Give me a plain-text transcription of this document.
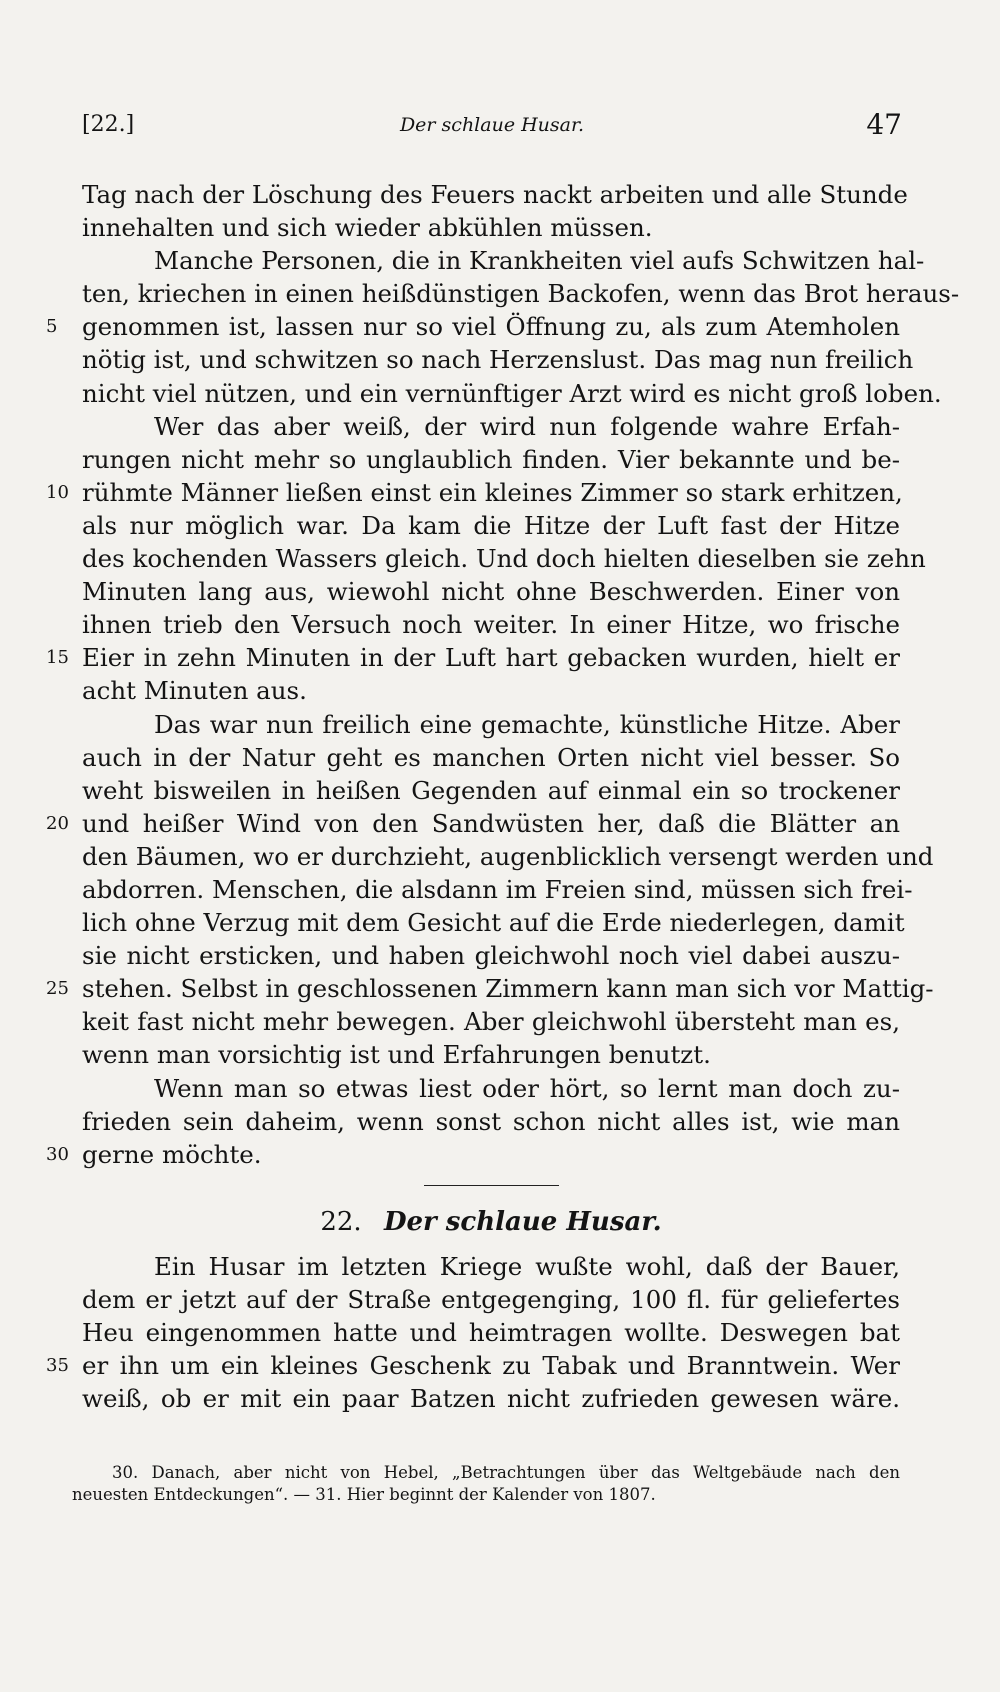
[22.]	Der schlaue Husar.	47
Tag nach der Löschung des Feuers nackt arbeiten und alle Stunde
innehalten und sich wieder abkühlen müssen.
Manche Personen, die in Krankheiten viel aufs Schwitzen hal-
ten, kriechen in einen heißdünstigen Backofen, wenn das Brot heraus-
5	genommen ist, lassen nur so viel Öffnung zu, als zum Atemholen
nötig ist, und schwitzen so nach Herzenslust. Das mag nun freilich
nicht viel nützen, und ein vernünftiger Arzt wird es nicht groß loben.
Wer das aber weiß, der wird nun folgende wahre Erfah-
rungen nicht mehr so unglaublich finden. Vier bekannte und be-
10 rühmte Männer ließen einst ein kleines Zimmer so stark erhitzen,
als nur möglich war. Da kam die Hitze der Luft fast der Hitze
des kochenden Wassers gleich. Und doch hielten dieselben sie zehn
Minuten lang aus, wiewohl nicht ohne Beschwerden. Einer von
ihnen trieb den Versuch noch weiter. In einer Hitze, wo frische
15 Eier in zehn Minuten in der Luft hart gebacken wurden, hielt er
acht Minuten aus.
Das war nun freilich eine gemachte, künstliche Hitze. Aber
auch in der Natur geht es manchen Orten nicht viel besser. So
weht bisweilen in heißen Gegenden auf einmal ein so trockener
20 und heißer Wind von den Sandwüsten her, daß die Blätter an
den Bäumen, wo er durchzieht, augenblicklich versengt werden und
abdorren. Menschen, die alsdann im Freien sind, müssen sich frei-
lich ohne Verzug mit dem Gesicht auf die Erde niederlegen, damit
sie nicht ersticken, und haben gleichwohl noch viel dabei auszu-
25 stehen. Selbst in geschlossenen Zimmern kann man sich vor Mattig-
keit fast nicht mehr bewegen. Aber gleichwohl übersteht man es,
wenn man vorsichtig ist und Erfahrungen benutzt.
Wenn man so etwas liest oder hört, so lernt man doch zu-
frieden sein daheim, wenn sonst schon nicht alles ist, wie man
30 gerne möchte.
22. Der schlaue Husar.
Ein Husar im letzten Kriege wußte wohl, daß der Bauer,
dem er jetzt auf der Straße entgegenging, 100 fl. für geliefertes
Heu eingenommen hatte und heimtragen wollte. Deswegen bat
35 er ihn um ein kleines Geschenk zu Tabak und Branntwein. Wer
weiß, ob er mit ein paar Batzen nicht zufrieden gewesen wäre.
30. Danach, aber nicht von Hebel, „Betrachtungen über das Weltgebäude nach den
neuesten Entdeckungen“. — 31. Hier beginnt der Kalender von 1807.
